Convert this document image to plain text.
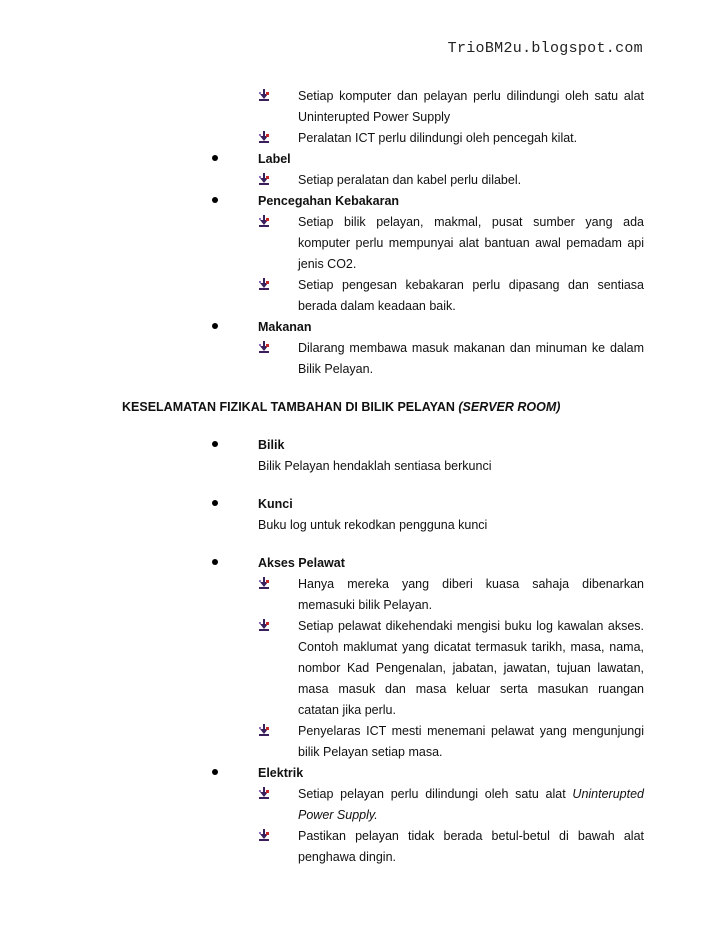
TrioBM2u.blogspot.com
Setiap komputer dan pelayan perlu dilindungi oleh satu alat Uninterupted Power Supply
Peralatan ICT perlu dilindungi oleh pencegah kilat.
Label
Setiap peralatan dan kabel perlu dilabel.
Pencegahan Kebakaran
Setiap bilik pelayan, makmal, pusat sumber yang ada komputer perlu mempunyai alat bantuan awal pemadam api jenis CO2.
Setiap pengesan kebakaran perlu dipasang dan sentiasa berada dalam keadaan baik.
Makanan
Dilarang membawa masuk makanan dan minuman ke dalam Bilik Pelayan.
KESELAMATAN FIZIKAL TAMBAHAN DI BILIK PELAYAN (SERVER ROOM)
Bilik
Bilik Pelayan hendaklah sentiasa berkunci
Kunci
Buku log untuk rekodkan pengguna kunci
Akses Pelawat
Hanya mereka yang diberi kuasa sahaja dibenarkan memasuki bilik Pelayan.
Setiap pelawat dikehendaki mengisi buku log kawalan akses. Contoh maklumat yang dicatat termasuk tarikh, masa, nama, nombor Kad Pengenalan, jabatan, jawatan, tujuan lawatan, masa masuk dan masa keluar serta masukan ruangan catatan jika perlu.
Penyelaras ICT mesti menemani pelawat yang mengunjungi bilik Pelayan setiap masa.
Elektrik
Setiap pelayan perlu dilindungi oleh satu alat Uninterupted Power Supply.
Pastikan pelayan tidak berada betul-betul di bawah alat penghawa dingin.
